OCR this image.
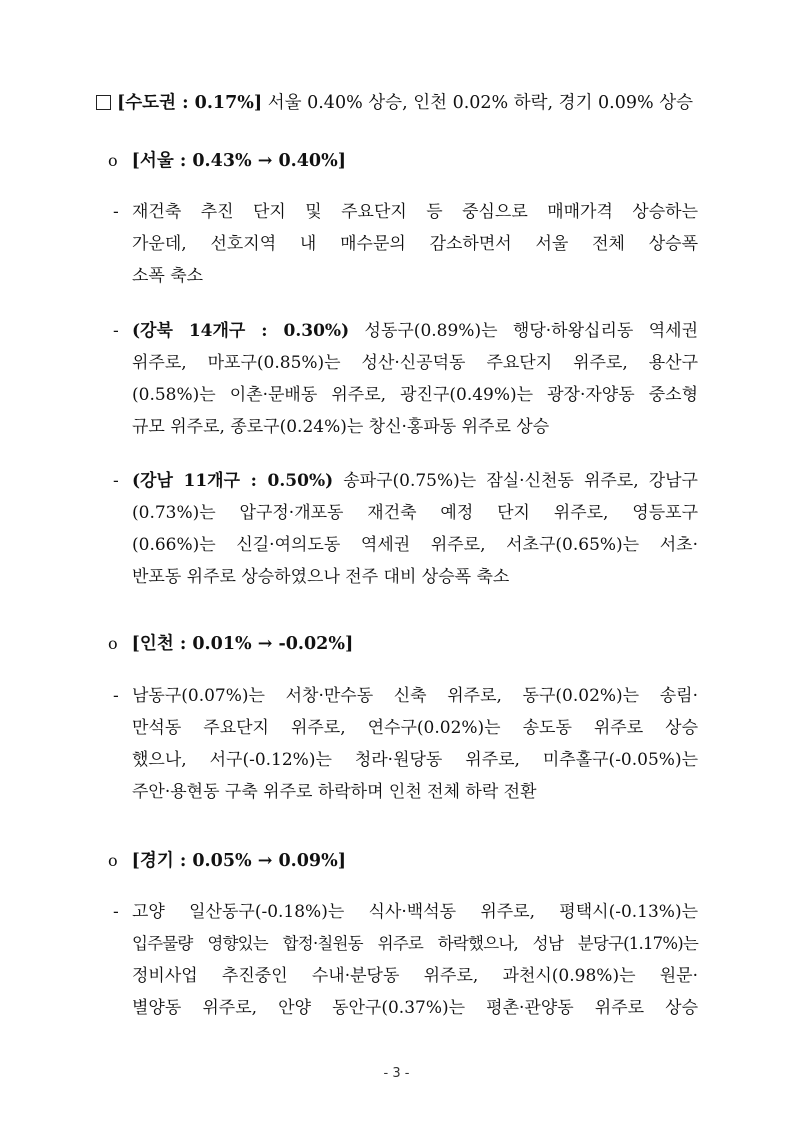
[수도권 : 0.17%] 서울 0.40% 상승, 인천 0.02% 하락, 경기 0.09% 상승
ο [서울 : 0.43% → 0.40%]
- 재건축 추진 단지 및 주요단지 등 중심으로 매매가격 상승하는
가운데, 선호지역 내 매수문의 감소하면서 서울 전체 상승폭
소폭 축소
- (강북 14개구 : 0.30%) 성동구(0.89%)는 행당·하왕십리동 역세권
위주로, 마포구(0.85%)는 성산·신공덕동 주요단지 위주로, 용산구
(0.58%)는 이촌·문배동 위주로, 광진구(0.49%)는 광장·자양동 중소형
규모 위주로, 종로구(0.24%)는 창신·홍파동 위주로 상승
- (강남 11개구 : 0.50%) 송파구(0.75%)는 잠실·신천동 위주로, 강남구
(0.73%)는 압구정·개포동 재건축 예정 단지 위주로, 영등포구
(0.66%)는 신길·여의도동 역세권 위주로, 서초구(0.65%)는 서초·
반포동 위주로 상승하였으나 전주 대비 상승폭 축소
ο [인천 : 0.01% → -0.02%]
- 남동구(0.07%)는 서창·만수동 신축 위주로, 동구(0.02%)는 송림·
만석동 주요단지 위주로, 연수구(0.02%)는 송도동 위주로 상승
했으나, 서구(-0.12%)는 청라·원당동 위주로, 미추홀구(-0.05%)는
주안·용현동 구축 위주로 하락하며 인천 전체 하락 전환
ο [경기 : 0.05% → 0.09%]
- 고양 일산동구(-0.18%)는 식사·백석동 위주로, 평택시(-0.13%)는
입주물량 영향있는 합정·칠원동 위주로 하락했으나, 성남 분당구(1.17%)는
정비사업 추진중인 수내·분당동 위주로, 과천시(0.98%)는 원문·
별양동 위주로, 안양 동안구(0.37%)는 평촌·관양동 위주로 상승
- 3 -
